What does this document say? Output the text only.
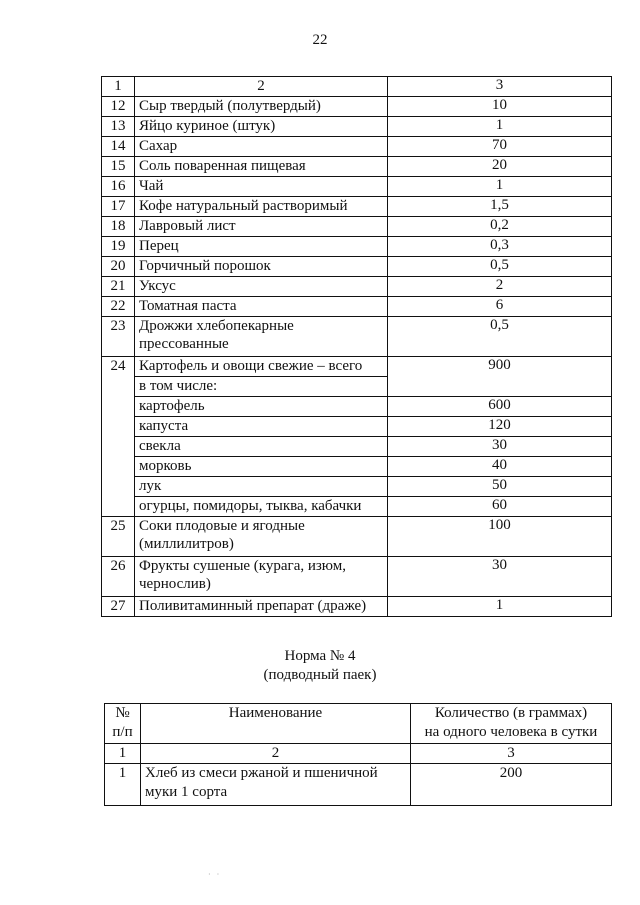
22
1	2	3
12	Сыр твердый (полутвердый)	10
13	Яйцо куриное (штук)	1
14	Сахар	70
15	Соль поваренная пищевая	20
16	Чай	1
17	Кофе натуральный растворимый	1,5
18	Лавровый лист	0,2
19	Перец	0,3
20	Горчичный порошок	0,5
21	Уксус	2
22	Томатная паста	6
23	Дрожжи хлебопекарные
прессованные	0,5
24	Картофель и овощи свежие – всего	900
	в том числе:	
	картофель	600
	капуста	120
	свекла	30
	морковь	40
	лук	50
	огурцы, помидоры, тыква, кабачки	60
25	Соки плодовые и ягодные
(миллилитров)	100
26	Фрукты сушеные (курага, изюм,
чернослив)	30
27	Поливитаминный препарат (драже)	1
Норма № 4
(подводный паек)
№
п/п	Наименование	Количество (в граммах)
на одного человека в сутки
1	2	3
1	Хлеб из смеси ржаной и пшеничной
муки 1 сорта	200
· ·
